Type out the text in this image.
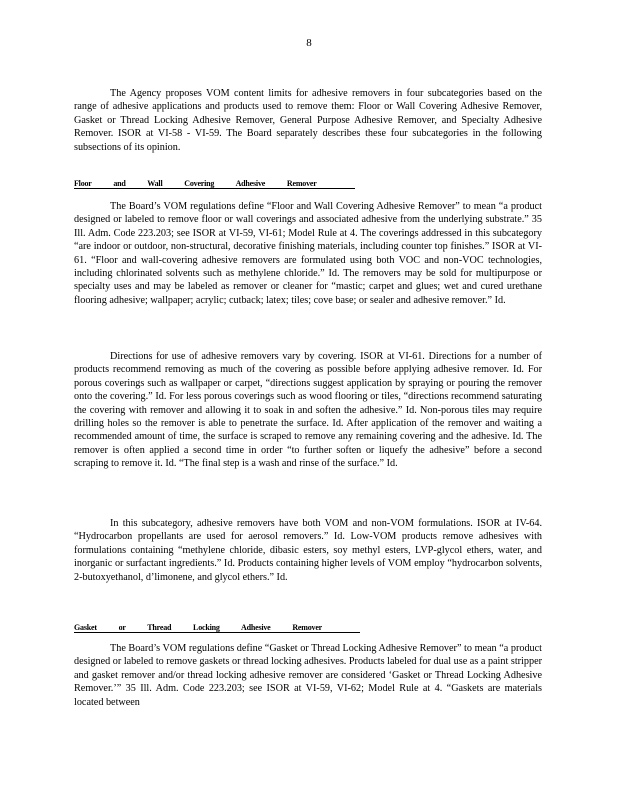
8

The Agency proposes VOM content limits for adhesive removers in four subcategories based on the range of adhesive applications and products used to remove them: Floor or Wall Covering Adhesive Remover, Gasket or Thread Locking Adhesive Remover, General Purpose Adhesive Remover, and Specialty Adhesive Remover. ISOR at VI-58 - VI-59. The Board separately describes these four subcategories in the following subsections of its opinion.

Floor and Wall Covering Adhesive Remover

The Board’s VOM regulations define “Floor and Wall Covering Adhesive Remover” to mean “a product designed or labeled to remove floor or wall coverings and associated adhesive from the underlying substrate.” 35 Ill. Adm. Code 223.203; see ISOR at VI-59, VI-61; Model Rule at 4. The coverings addressed in this subcategory “are indoor or outdoor, non-structural, decorative finishing materials, including counter top finishes.” ISOR at VI-61. “Floor and wall-covering adhesive removers are formulated using both VOC and non-VOC technologies, including chlorinated solvents such as methylene chloride.” Id. The removers may be sold for multipurpose or specialty uses and may be labeled as remover or cleaner for “mastic; carpet and glues; wet and cured urethane flooring adhesive; wallpaper; acrylic; cutback; latex; tiles; cove base; or sealer and adhesive remover.” Id.

Directions for use of adhesive removers vary by covering. ISOR at VI-61. Directions for a number of products recommend removing as much of the covering as possible before applying adhesive remover. Id. For porous coverings such as wallpaper or carpet, “directions suggest application by spraying or pouring the remover onto the covering.” Id. For less porous coverings such as wood flooring or tiles, “directions recommend saturating the covering with remover and allowing it to soak in and soften the adhesive.” Id. Non-porous tiles may require drilling holes so the remover is able to penetrate the surface. Id. After application of the remover and waiting a recommended amount of time, the surface is scraped to remove any remaining covering and the adhesive. Id. The remover is often applied a second time in order “to further soften or liquefy the adhesive” before a second scraping to remove it. Id. “The final step is a wash and rinse of the surface.” Id.

In this subcategory, adhesive removers have both VOM and non-VOM formulations. ISOR at IV-64. “Hydrocarbon propellants are used for aerosol removers.” Id. Low-VOM products remove adhesives with formulations containing “methylene chloride, dibasic esters, soy methyl esters, LVP-glycol ethers, water, and inorganic or surfactant ingredients.” Id. Products containing higher levels of VOM employ “hydrocarbon solvents, 2-butoxyethanol, d’limonene, and glycol ethers.” Id.

Gasket or Thread Locking Adhesive Remover

The Board’s VOM regulations define “Gasket or Thread Locking Adhesive Remover” to mean “a product designed or labeled to remove gaskets or thread locking adhesives. Products labeled for dual use as a paint stripper and gasket remover and/or thread locking adhesive remover are considered ‘Gasket or Thread Locking Adhesive Remover.’” 35 Ill. Adm. Code 223.203; see ISOR at VI-59, VI-62; Model Rule at 4. “Gaskets are materials located between
